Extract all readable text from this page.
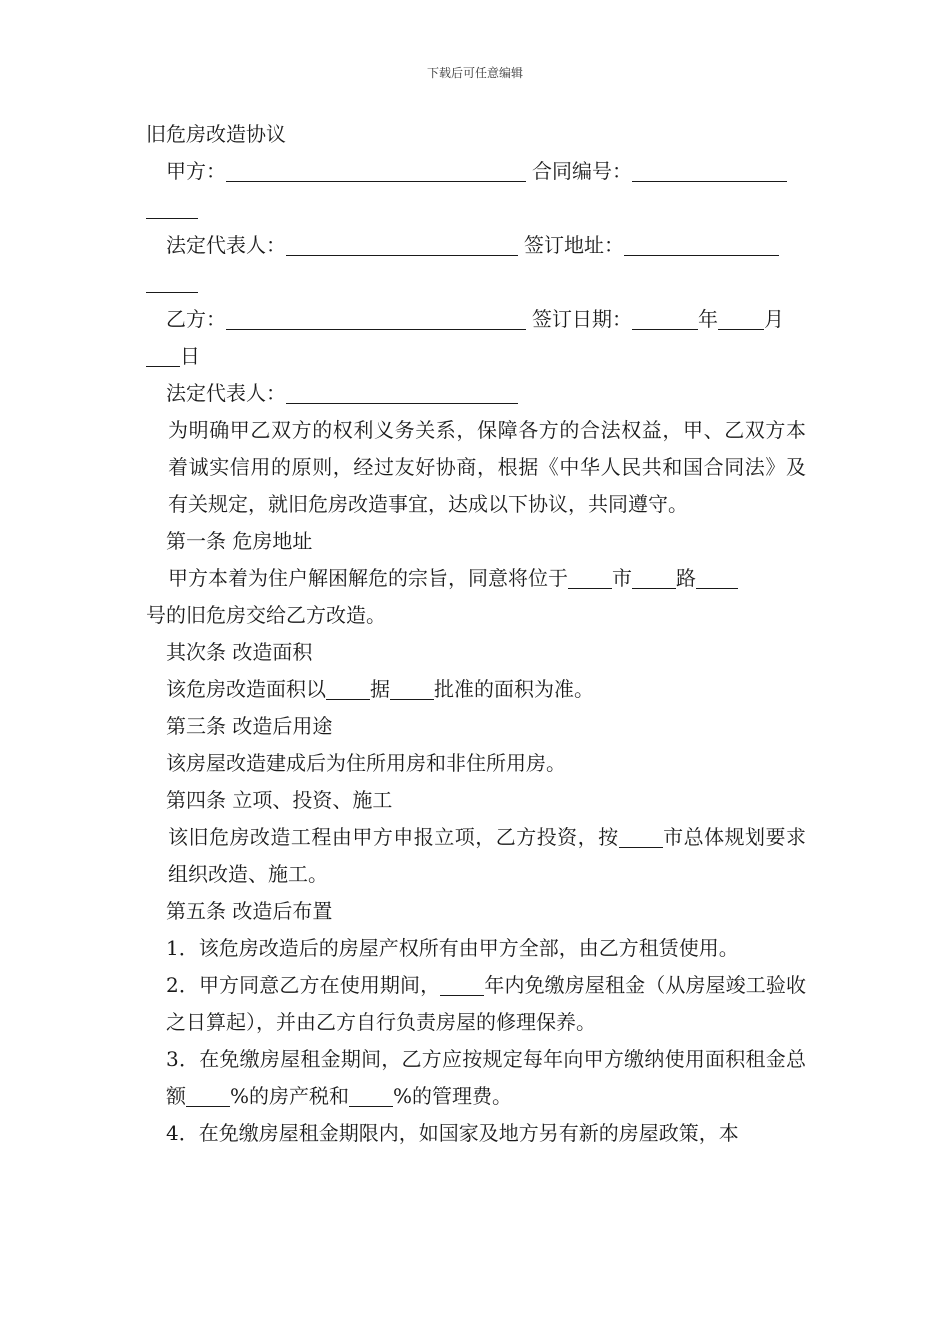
下载后可任意编辑
旧危房改造协议
甲方：	合同编号：
法定代表人：	签订地址：
乙方：	签订日期：	年 月
日
法定代表人：
为明确甲乙双方的权利义务关系，保障各方的合法权益，甲、乙双方本着诚实信用的原则，经过友好协商，根据《中华人民共和国合同法》及有关规定，就旧危房改造事宜，达成以下协议，共同遵守。
第一条 危房地址
甲方本着为住户解困解危的宗旨，同意将位于 市 路
号的旧危房交给乙方改造。
其次条 改造面积
该危房改造面积以 据 批准的面积为准。
第三条 改造后用途
该房屋改造建成后为住所用房和非住所用房。
第四条 立项、投资、施工
该旧危房改造工程由甲方申报立项，乙方投资，按 市总体规划要求组织改造、施工。
第五条 改造后布置
1．该危房改造后的房屋产权所有由甲方全部，由乙方租赁使用。
2．甲方同意乙方在使用期间， 年内免缴房屋租金（从房屋竣工验收之日算起），并由乙方自行负责房屋的修理保养。
3．在免缴房屋租金期间，乙方应按规定每年向甲方缴纳使用面积租金总额 %的房产税和 %的管理费。
4．在免缴房屋租金期限内，如国家及地方另有新的房屋政策，本
